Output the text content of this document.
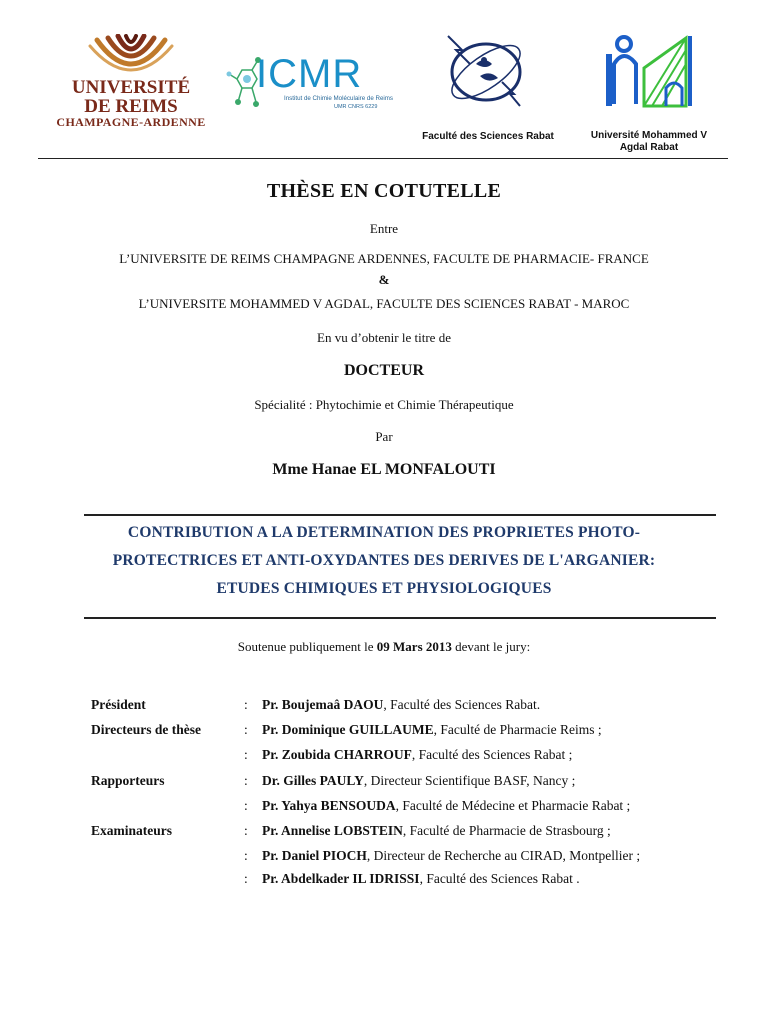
UNIVERSITÉ
DE REIMS
CHAMPAGNE-ARDENNE
ICMR
Institut de Chimie Moléculaire de Reims
UMR CNRS 6229
Faculté des Sciences Rabat	Université Mohammed V
Agdal Rabat
THÈSE EN COTUTELLE
Entre
L’UNIVERSITE DE REIMS CHAMPAGNE ARDENNES, FACULTE DE PHARMACIE- FRANCE
&
L’UNIVERSITE MOHAMMED V AGDAL, FACULTE DES SCIENCES RABAT - MAROC
En vu d’obtenir le titre de
DOCTEUR
Spécialité : Phytochimie et Chimie Thérapeutique
Par
Mme Hanae EL MONFALOUTI
CONTRIBUTION A LA DETERMINATION DES PROPRIETES PHOTO-
PROTECTRICES ET ANTI-OXYDANTES DES DERIVES DE L'ARGANIER:
ETUDES CHIMIQUES ET PHYSIOLOGIQUES
Soutenue publiquement le 09 Mars 2013 devant le jury:
Président	: Pr. Boujemaâ DAOU, Faculté des Sciences Rabat.
Directeurs de thèse	: Pr. Dominique GUILLAUME, Faculté de Pharmacie Reims ;
: Pr. Zoubida CHARROUF, Faculté des Sciences Rabat ;
Rapporteurs	: Dr. Gilles PAULY, Directeur Scientifique BASF, Nancy ;
: Pr. Yahya BENSOUDA, Faculté de Médecine et Pharmacie Rabat ;
Examinateurs	: Pr. Annelise LOBSTEIN, Faculté de Pharmacie de Strasbourg ;
: Pr. Daniel PIOCH, Directeur de Recherche au CIRAD, Montpellier ;
: Pr. Abdelkader IL IDRISSI, Faculté des Sciences Rabat .
